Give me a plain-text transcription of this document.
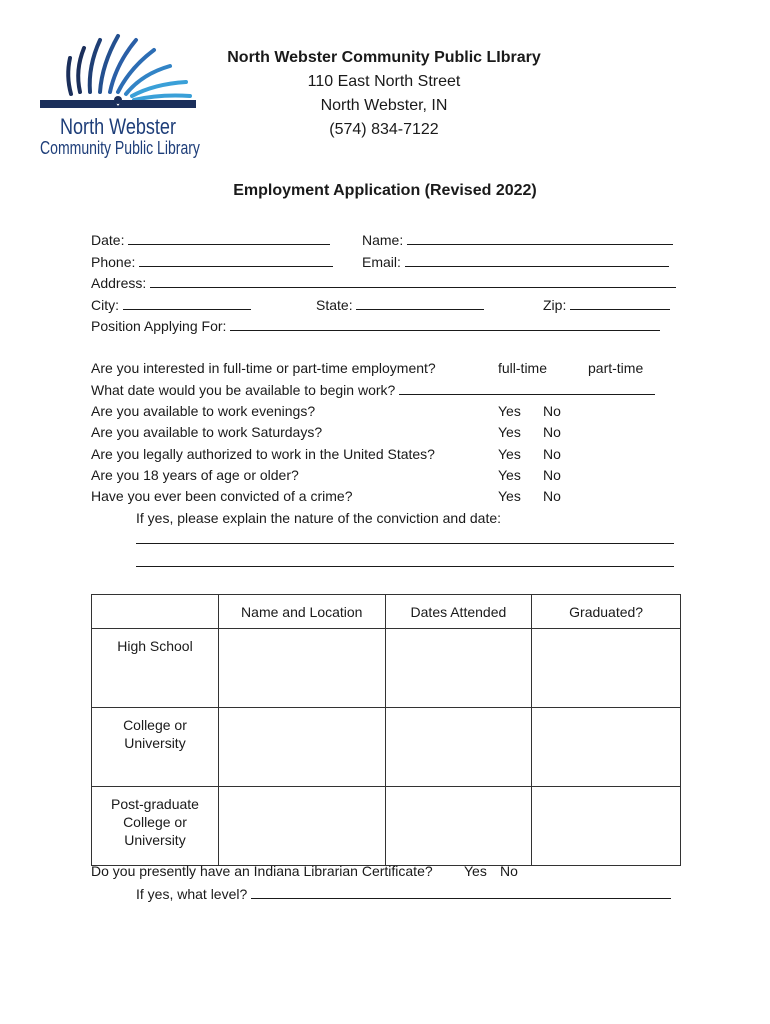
North Webster
Community Public Library
North Webster Community Public LIbrary
110 East North Street
North Webster, IN
(574) 834-7122
Employment Application (Revised 2022)
Date:	Name:
Phone:	Email:
Address:
City:	State:	Zip:
Position Applying For:
Are you interested in full-time or part-time employment?	full-time	part-time
What date would you be available to begin work?
Are you available to work evenings?	Yes No
Are you available to work Saturdays?	Yes No
Are you legally authorized to work in the United States?	Yes No
Are you 18 years of age or older?	Yes No
Have you ever been convicted of a crime?	Yes No
If yes, please explain the nature of the conviction and date:
	Name and Location	Dates Attended	Graduated?
High School			
College or University			
Post-graduate College or University			
Do you presently have an Indiana Librarian Certificate? Yes No
If yes, what level?
